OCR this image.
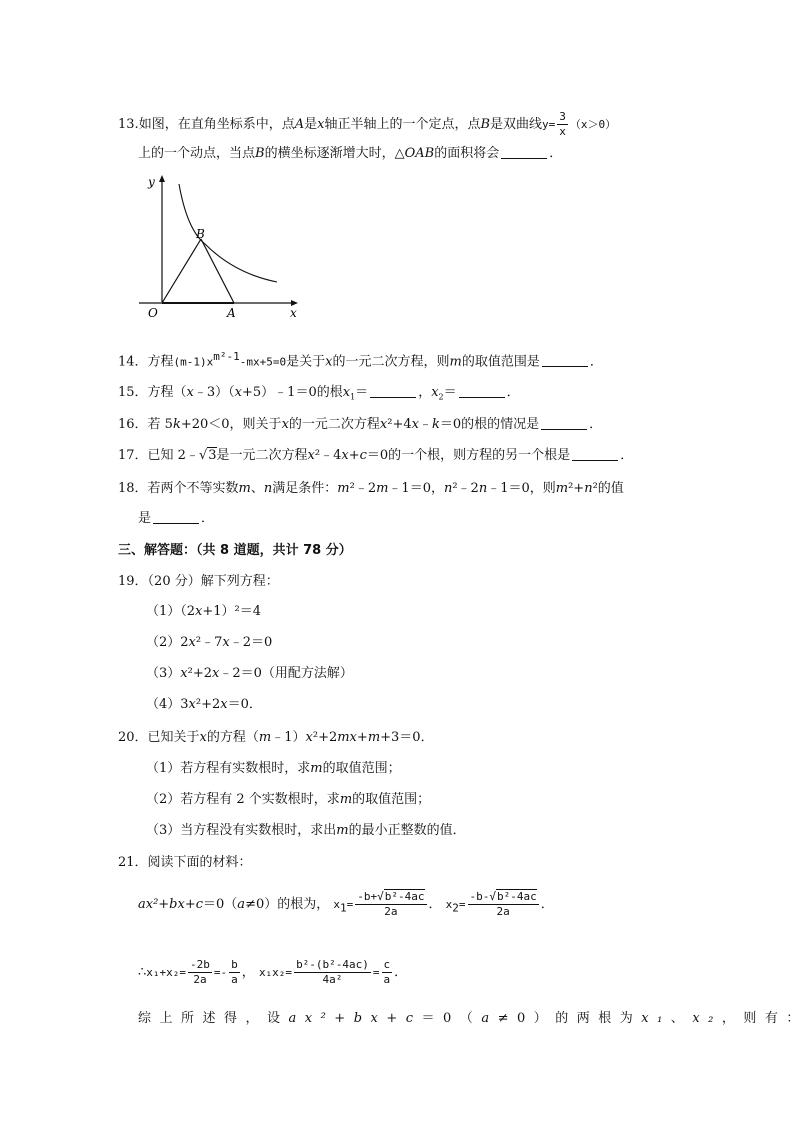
13.如图，在直角坐标系中，点A是x轴正半轴上的一个定点，点B是双曲线$y= \frac{3}{x} (x>0)$
上的一个动点，当点B的横坐标逐渐增大时，△OAB的面积将会	．
y
x
O	A
B
14．方程$(m-1)x^{m^2-1}-mx+5=0$是关于x的一元二次方程，则m的取值范围是	．
15．方程（x﹣3）（x+5）﹣1＝0的根$x_1=$	，$x_2=$	．
16．若 5k+20＜0，则关于x的一元二次方程x²+4x﹣k＝0的根的情况是	．
17．已知 2﹣√3是一元二次方程x²﹣4x+c＝0的一个根，则方程的另一个根是	．
18．若两个不等实数m、n满足条件：m²﹣2m﹣1＝0，n²﹣2n﹣1＝0，则m²+n²的值
是	．
三、解答题：（共 8 道题，共计 78 分）
19．（20 分）解下列方程：
（1）（2x+1）²＝4
（2）2x²﹣7x﹣2＝0
（3）x²+2x﹣2＝0（用配方法解）
（4）3x²+2x＝0．
20．已知关于x的方程（m﹣1）x²+2mx+m+3＝0．
（1）若方程有实数根时，求m的取值范围；
（2）若方程有 2 个实数根时，求m的取值范围；
（3）当方程没有实数根时，求出m的最小正整数的值．
21．阅读下面的材料：
ax²+bx+c＝0（a≠0）的根为， $x_1= \frac{\text{-b+√b²-4ac}}{2a}$ ． $x_2= \frac{\text{-b-√b²-4ac}}{2a}$ ．
∴x₁+x₂= $\frac{-2b}{2a} =- \frac{b}{a}$ ， $x_1x_2= \frac{\text{b²-(b²-4ac)}}{\text{4a²}} = \frac{c}{a}$ ．
综上所述得，设ax²+bx+c＝0（a≠0）的两根为x₁、x₂，则有：
